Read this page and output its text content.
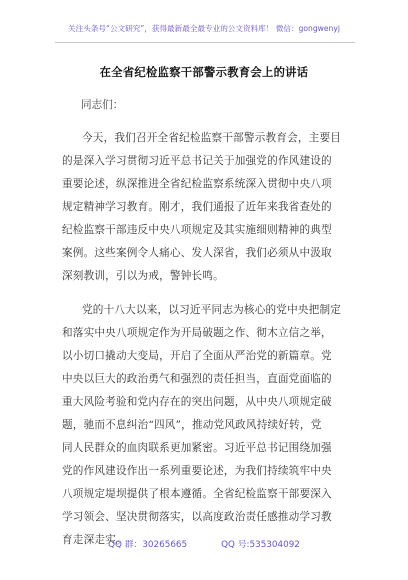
关注头条号“公文研究”，获得最新最全最专业的公文资料库！ 微信：gongwenyj
在全省纪检监察干部警示教育会上的讲话
同志们：
今天，我们召开全省纪检监察干部警示教育会，主要目
的是深入学习贯彻习近平总书记关于加强党的作风建设的
重要论述，纵深推进全省纪检监察系统深入贯彻中央八项
规定精神学习教育。刚才，我们通报了近年来我省查处的
纪检监察干部违反中央八项规定及其实施细则精神的典型
案例。这些案例令人痛心、发人深省，我们必须从中汲取
深刻教训，引以为戒，警钟长鸣。
党的十八大以来，以习近平同志为核心的党中央把制定
和落实中央八项规定作为开局破题之作、彻木立信之举，
以小切口撬动大变局，开启了全面从严治党的新篇章。党
中央以巨大的政治勇气和强烈的责任担当，直面党面临的
重大风险考验和党内存在的突出问题，从中央八项规定破
题，驰而不息纠治“四风”，推动党风政风持续好转，党
同人民群众的血肉联系更加紧密。习近平总书记围绕加强
党的作风建设作出一系列重要论述，为我们持续筑牢中央
八项规定堤坝提供了根本遵循。全省纪检监察干部要深入
学习领会、坚决贯彻落实，以高度政治责任感推动学习教
育走深走实。
QQ 群：30265665	QQ 号:535304092
